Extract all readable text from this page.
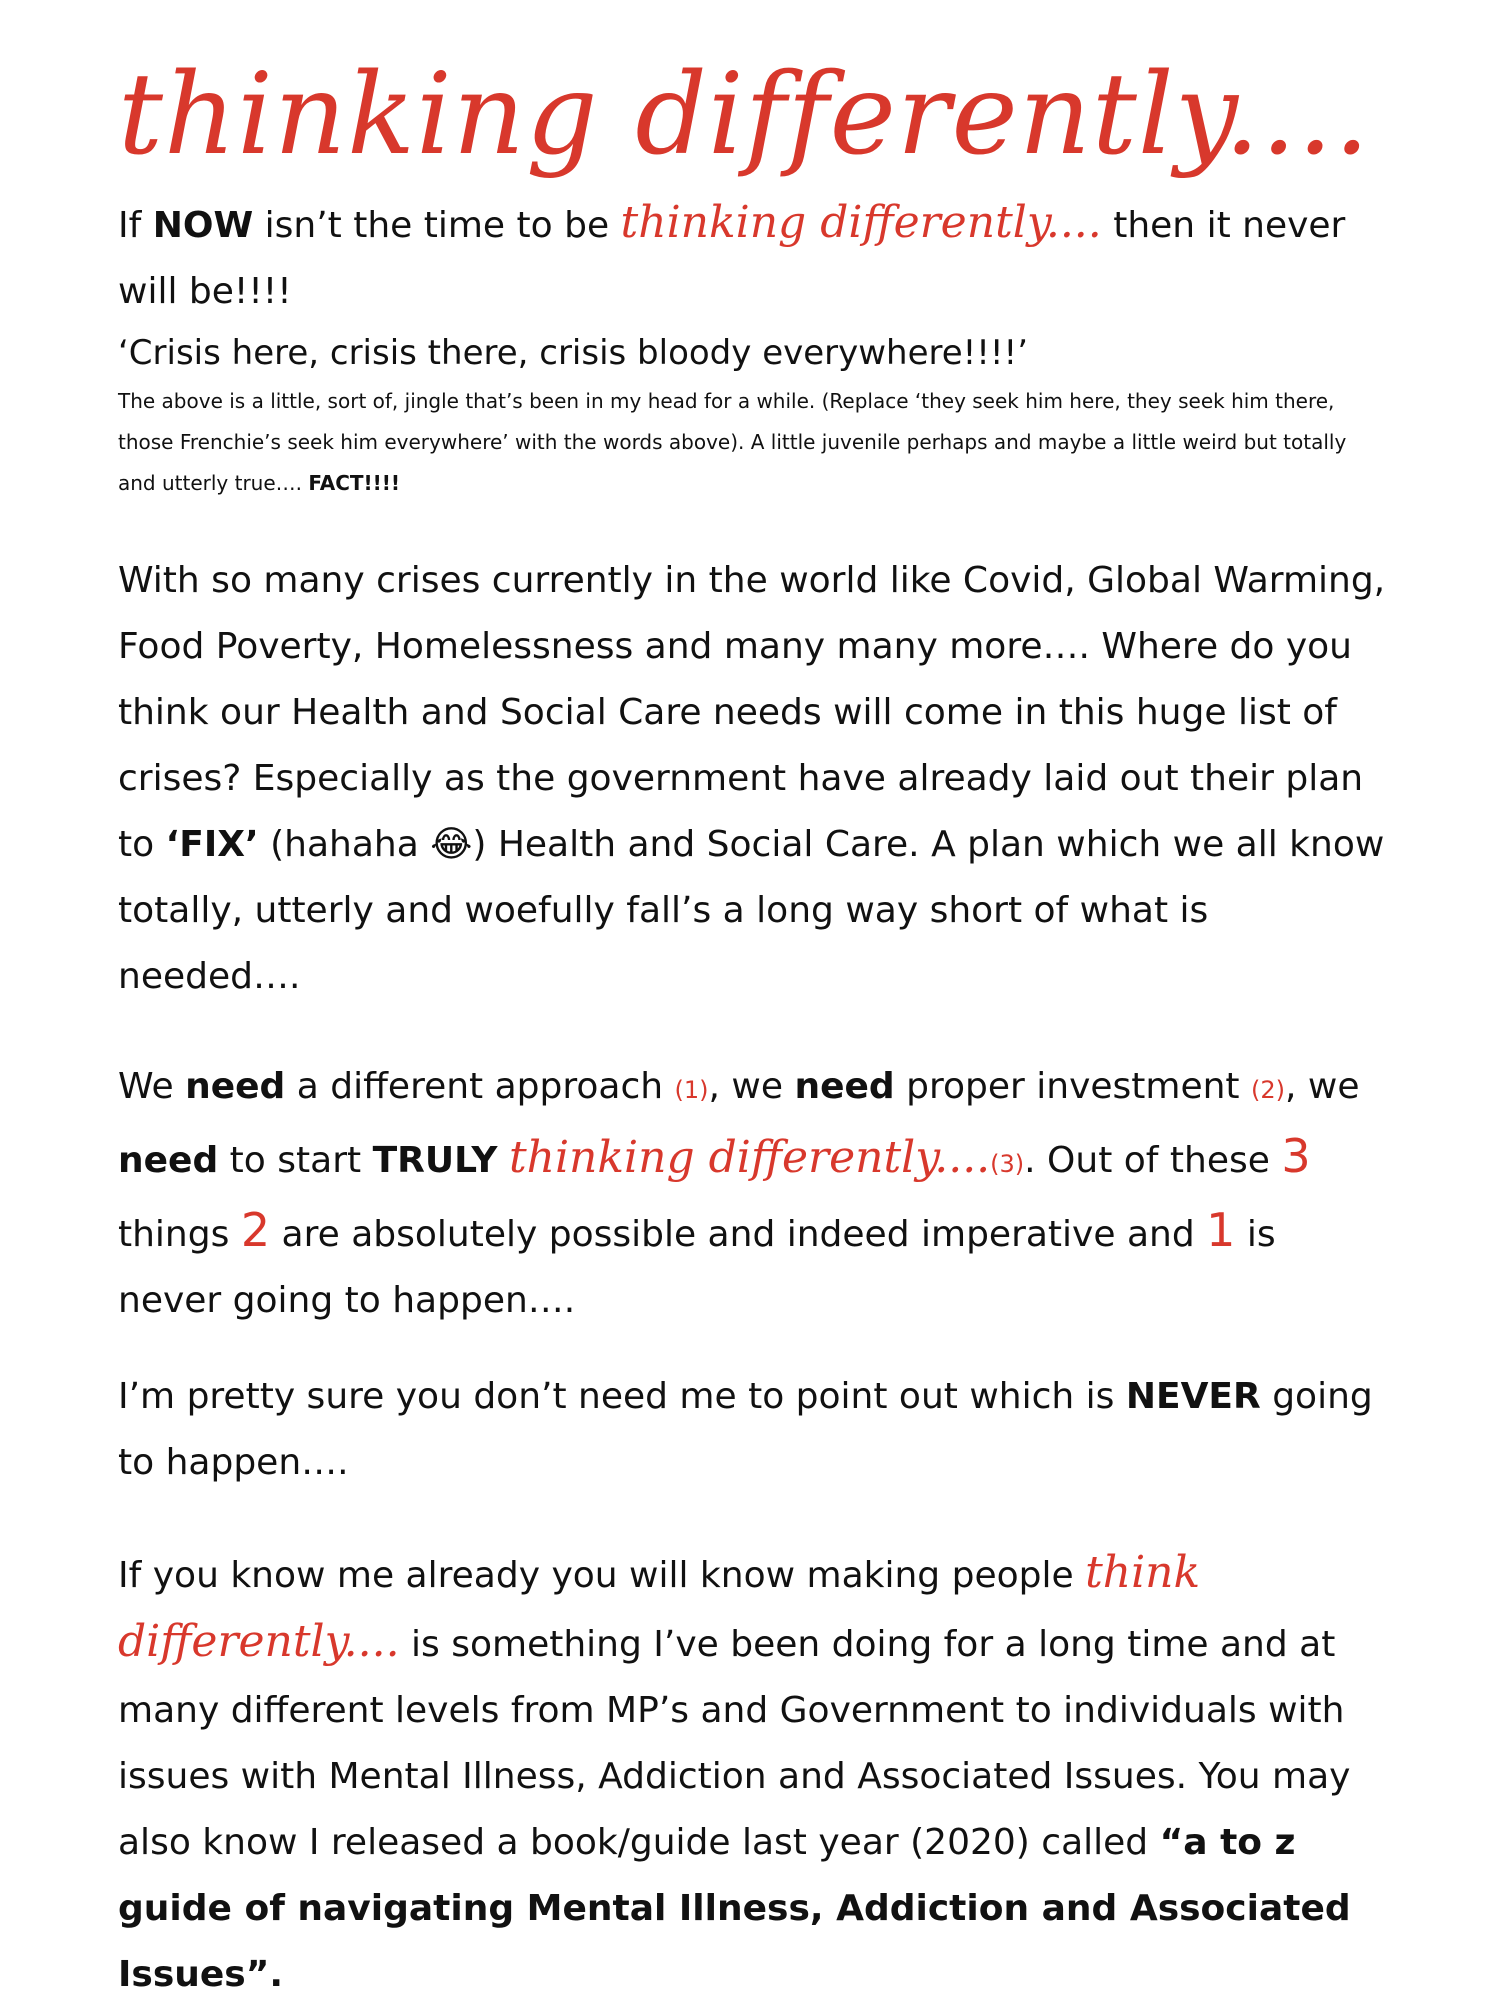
thinking differently....

If NOW isn’t the time to be thinking differently.... then it never will be!!!!

‘Crisis here, crisis there, crisis bloody everywhere!!!!’

The above is a little, sort of, jingle that’s been in my head for a while. (Replace ‘they seek him here, they seek him there, those Frenchie’s seek him everywhere’ with the words above). A little juvenile perhaps and maybe a little weird but totally and utterly true…. FACT!!!!

With so many crises currently in the world like Covid, Global Warming, Food Poverty, Homelessness and many many more…. Where do you think our Health and Social Care needs will come in this huge list of crises? Especially as the government have already laid out their plan to ‘FIX’ (hahaha 😂) Health and Social Care. A plan which we all know totally, utterly and woefully fall’s a long way short of what is needed….

We need a different approach (1), we need proper investment (2), we need to start TRULY thinking differently....(3). Out of these 3 things 2 are absolutely possible and indeed imperative and 1 is never going to happen….

I’m pretty sure you don’t need me to point out which is NEVER going to happen….

If you know me already you will know making people think differently.... is something I’ve been doing for a long time and at many different levels from MP’s and Government to individuals with issues with Mental Illness, Addiction and Associated Issues. You may also know I released a book/guide last year (2020) called “a to z guide of navigating Mental Illness, Addiction and Associated Issues”.
